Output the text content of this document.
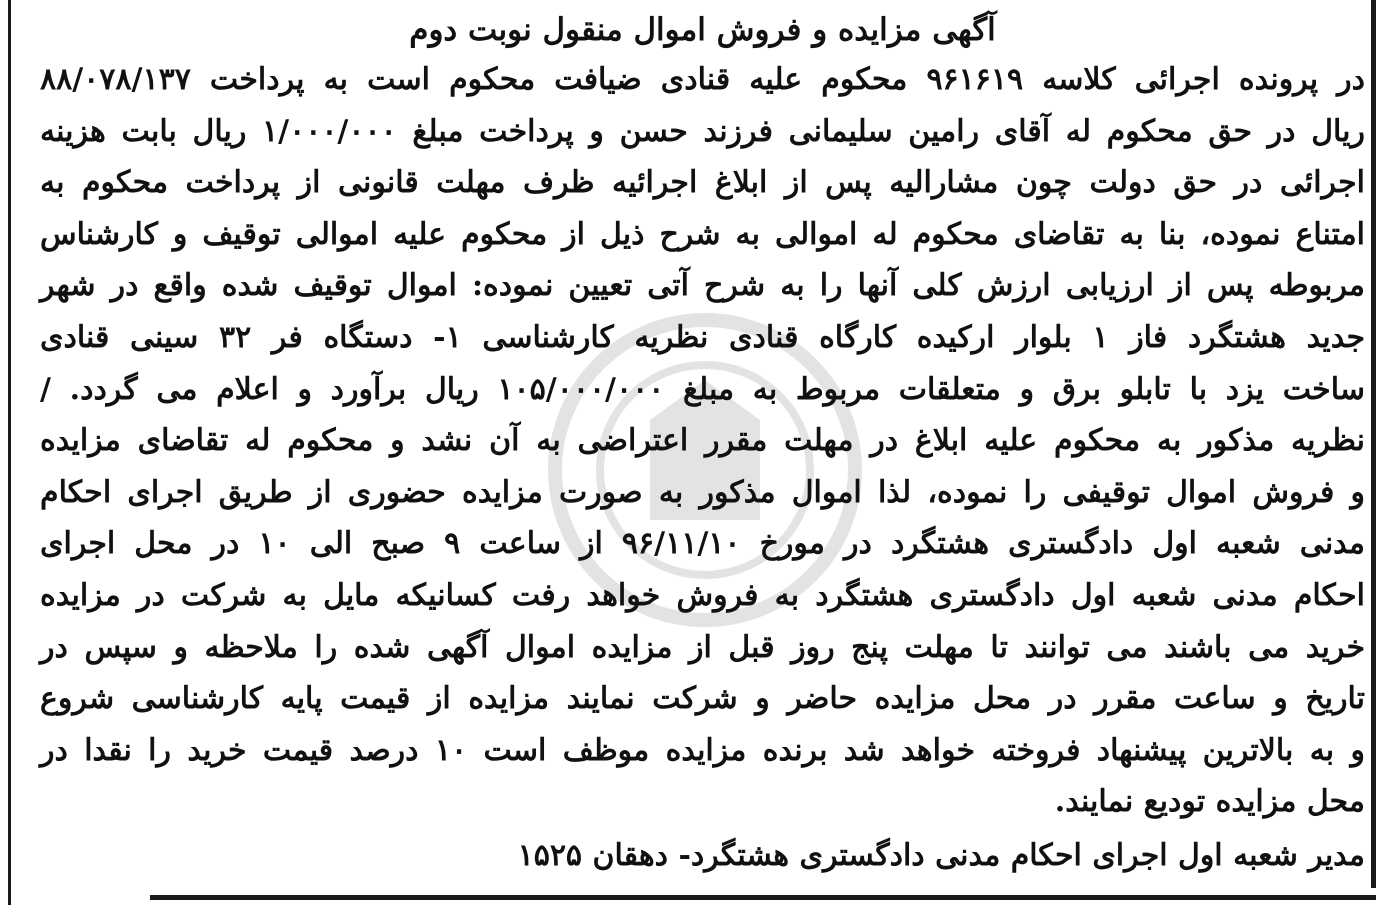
آگهی مزایده و فروش اموال منقول نوبت دوم
در پرونده اجرائی کلاسه ۹۶۱۶۱۹ محکوم علیه قنادی ضیافت محکوم است به پرداخت ۸۸/۰۷۸/۱۳۷
ریال در حق محکوم له آقای رامین سلیمانی فرزند حسن و پرداخت مبلغ ۱/۰۰۰/۰۰۰ ریال بابت هزینه
اجرائی در حق دولت چون مشارالیه پس از ابلاغ اجرائیه ظرف مهلت قانونی از پرداخت محکوم به
امتناع نموده، بنا به تقاضای محکوم له اموالی به شرح ذیل از محکوم علیه اموالی توقیف و کارشناس
مربوطه پس از ارزیابی ارزش کلی آنها را به شرح آتی تعیین نموده: اموال توقیف شده واقع در شهر
جدید هشتگرد فاز ۱ بلوار ارکیده کارگاه قنادی نظریه کارشناسی ۱- دستگاه فر ۳۲ سینی قنادی
ساخت یزد با تابلو برق و متعلقات مربوط به مبلغ ۱۰۵/۰۰۰/۰۰۰ ریال برآورد و اعلام می گردد. /
نظریه مذکور به محکوم علیه ابلاغ در مهلت مقرر اعتراضی به آن نشد و محکوم له تقاضای مزایده
و فروش اموال توقیفی را نموده، لذا اموال مذکور به صورت مزایده حضوری از طریق اجرای احکام
مدنی شعبه اول دادگستری هشتگرد در مورخ ۹۶/۱۱/۱۰ از ساعت ۹ صبح الی ۱۰ در محل اجرای
احکام مدنی شعبه اول دادگستری هشتگرد به فروش خواهد رفت کسانیکه مایل به شرکت در مزایده
خرید می باشند می توانند تا مهلت پنج روز قبل از مزایده اموال آگهی شده را ملاحظه و سپس در
تاریخ و ساعت مقرر در محل مزایده حاضر و شرکت نمایند مزایده از قیمت پایه کارشناسی شروع
و به بالاترین پیشنهاد فروخته خواهد شد برنده مزایده موظف است ۱۰ درصد قیمت خرید را نقدا در
محل مزایده تودیع نمایند.
مدیر شعبه اول اجرای احکام مدنی دادگستری هشتگرد- دهقان ۱۵۲۵
